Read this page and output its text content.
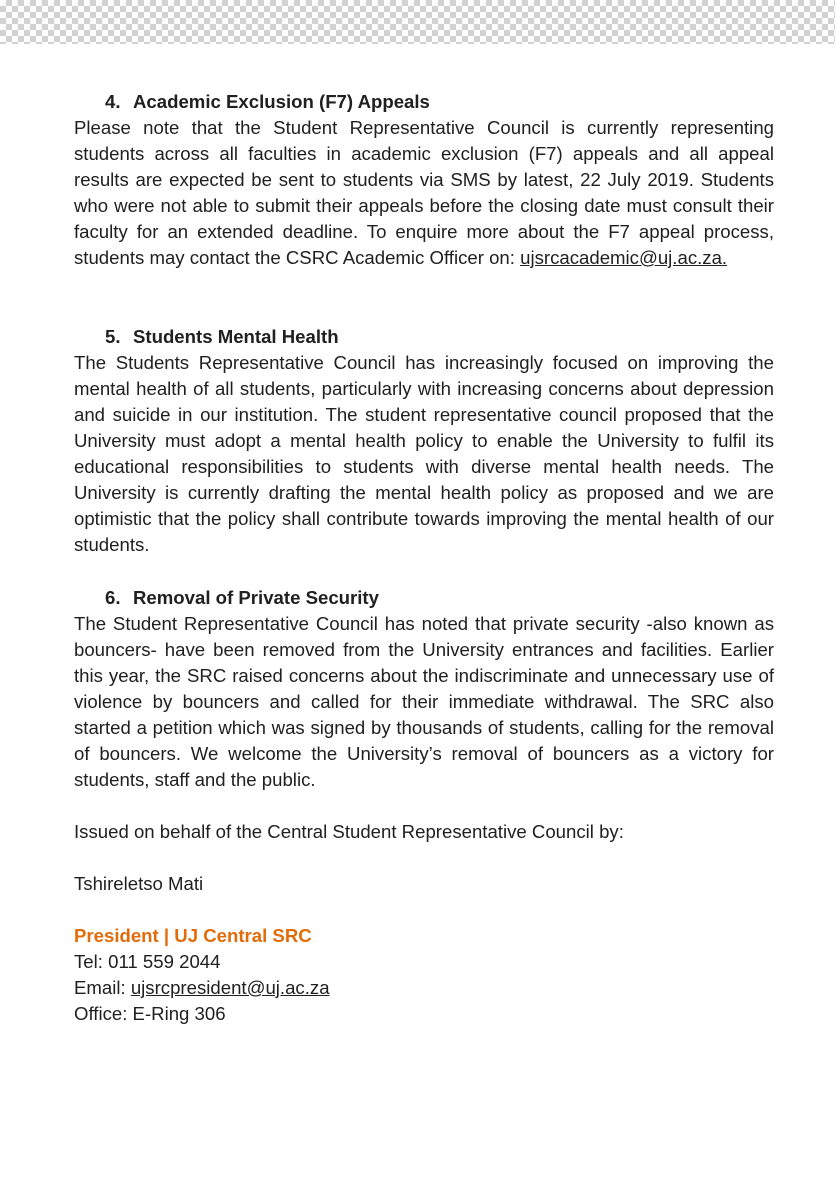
4. Academic Exclusion (F7) Appeals

Please note that the Student Representative Council is currently representing students across all faculties in academic exclusion (F7) appeals and all appeal results are expected be sent to students via SMS by latest, 22 July 2019. Students who were not able to submit their appeals before the closing date must consult their faculty for an extended deadline. To enquire more about the F7 appeal process, students may contact the CSRC Academic Officer on: ujsrcacademic@uj.ac.za.

5. Students Mental Health

The Students Representative Council has increasingly focused on improving the mental health of all students, particularly with increasing concerns about depression and suicide in our institution. The student representative council proposed that the University must adopt a mental health policy to enable the University to fulfil its educational responsibilities to students with diverse mental health needs. The University is currently drafting the mental health policy as proposed and we are optimistic that the policy shall contribute towards improving the mental health of our students.

6. Removal of Private Security

The Student Representative Council has noted that private security -also known as bouncers- have been removed from the University entrances and facilities. Earlier this year, the SRC raised concerns about the indiscriminate and unnecessary use of violence by bouncers and called for their immediate withdrawal. The SRC also started a petition which was signed by thousands of students, calling for the removal of bouncers. We welcome the University’s removal of bouncers as a victory for students, staff and the public.

Issued on behalf of the Central Student Representative Council by:

Tshireletso Mati

President | UJ Central SRC

Tel: 011 559 2044

Email: ujsrcpresident@uj.ac.za

Office: E-Ring 306
